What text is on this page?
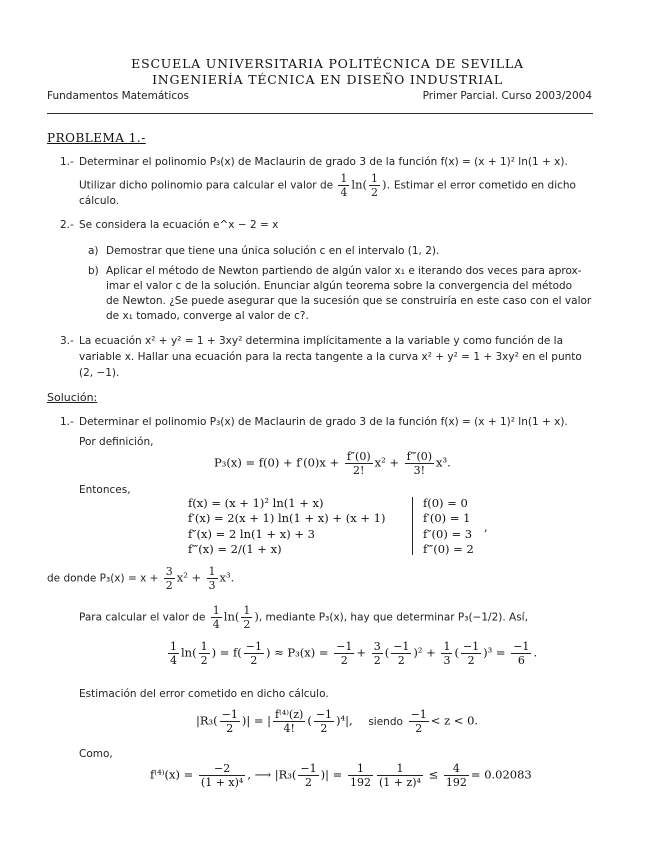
ESCUELA UNIVERSITARIA POLITÉCNICA DE SEVILLA
INGENIERÍA TÉCNICA EN DISEÑO INDUSTRIAL
Fundamentos Matemáticos	Primer Parcial. Curso 2003/2004
PROBLEMA 1.-
1.- Determinar el polinomio P₃(x) de Maclaurin de grado 3 de la función f(x) = (x + 1)² ln(1 + x).
Utilizar dicho polinomio para calcular el valor de $\frac{1}{4} \ln( \frac{1}{2}$ ). Estimar el error cometido en dicho
cálculo.
2.- Se considera la ecuación e^x − 2 = x
a) Demostrar que tiene una única solución c en el intervalo (1, 2).
b) Aplicar el método de Newton partiendo de algún valor x₁ e iterando dos veces para aprox-
imar el valor c de la solución. Enunciar algún teorema sobre la convergencia del método
de Newton. ¿Se puede asegurar que la sucesión que se construiría en este caso con el valor
de x₁ tomado, converge al valor de c?.
3.- La ecuación x² + y² = 1 + 3xy² determina implícitamente a la variable y como función de la
variable x. Hallar una ecuación para la recta tangente a la curva x² + y² = 1 + 3xy² en el punto
(2, −1).
Solución:
1.- Determinar el polinomio P₃(x) de Maclaurin de grado 3 de la función f(x) = (x + 1)² ln(1 + x).
Por definición,
$P_3(x) = f(0) + f'(0)x + \frac{f''(0)}{2!} x^2 + \frac{f‴(0)}{3!} x^3$.
Entonces,
f(x) = (x + 1)² ln(1 + x)
f′(x) = 2(x + 1) ln(1 + x) + (x + 1)
f″(x) = 2 ln(1 + x) + 3
f‴(x) = 2/(1 + x)
f(0) = 0
f′(0) = 1
f″(0) = 3
f‴(0) = 2
,
de donde $P_3(x) = x + \frac{3}{2} x^2 + \frac{1}{3} x^3$.
Para calcular el valor de $\frac{1}{4} \ln( \frac{1}{2}$ ), mediante P₃(x), hay que determinar P₃(−1/2). Así,
$\frac{1}{4} \ln( \frac{1}{2}$ ) = $f( \frac{-1}{2}$ ) ≈ $P_3(x) = \frac{-1}{2} + \frac{3}{2}$ ( $\frac{-1}{2} )^2 + \frac{1}{3}$ ( $\frac{-1}{2} )^3 = \frac{-1}{6}$ .
Estimación del error cometido en dicho cálculo.
$|R_3( \frac{-1}{2}$ )| = | $\frac{\text{f⁽⁴⁾(z)}}{4!}$ ( $\frac{-1}{2} )^4|$, siendo $\frac{-1}{2} < z < 0$.
Como,
$f^{(4)}(x) = \frac{-2}{\text{(1 + x)⁴}}$ , ⟶ $|R_3( \frac{-1}{2}$ )| = $\frac{1}{192} \frac{1}{\text{(1 + z)⁴}} \le \frac{4}{192} = 0.02083$
